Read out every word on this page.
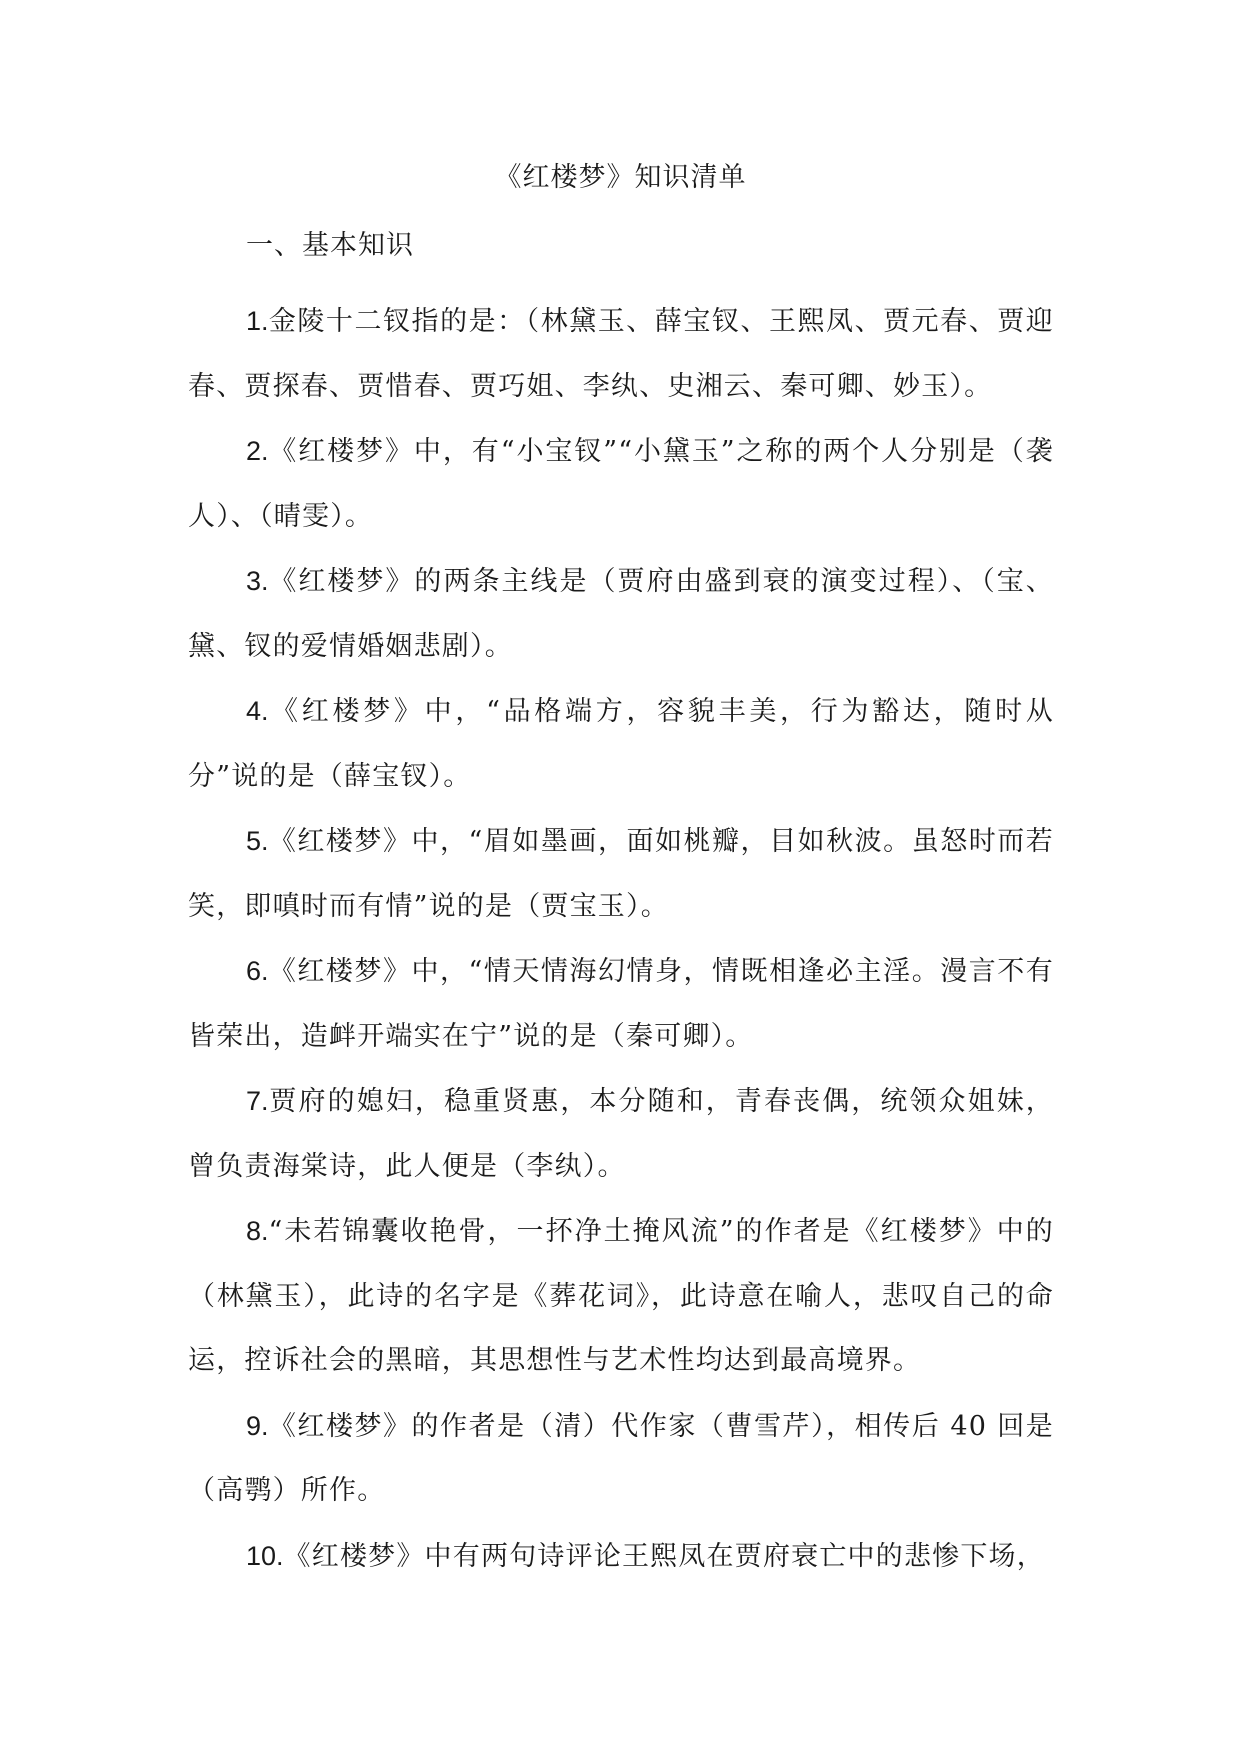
《红楼梦》知识清单
一、基本知识

1.金陵十二钗指的是：（林黛玉、薛宝钗、王熙凤、贾元春、贾迎春、贾探春、贾惜春、贾巧姐、李纨、史湘云、秦可卿、妙玉）。

2.《红楼梦》中，有“小宝钗”“小黛玉”之称的两个人分别是（袭人）、（晴雯）。

3.《红楼梦》的两条主线是（贾府由盛到衰的演变过程）、（宝、黛、钗的爱情婚姻悲剧）。

4.《红楼梦》中，“品格端方，容貌丰美，行为豁达，随时从分”说的是（薛宝钗）。

5.《红楼梦》中，“眉如墨画，面如桃瓣，目如秋波。虽怒时而若笑，即嗔时而有情”说的是（贾宝玉）。

6.《红楼梦》中，“情天情海幻情身，情既相逢必主淫。漫言不有皆荣出，造衅开端实在宁”说的是（秦可卿）。

7.贾府的媳妇，稳重贤惠，本分随和，青春丧偶，统领众姐妹，曾负责海棠诗，此人便是（李纨）。

8.“未若锦囊收艳骨，一抔净土掩风流”的作者是《红楼梦》中的（林黛玉），此诗的名字是《葬花词》，此诗意在喻人，悲叹自己的命运，控诉社会的黑暗，其思想性与艺术性均达到最高境界。

9.《红楼梦》的作者是（清）代作家（曹雪芹），相传后 40 回是（高鹗）所作。

10.《红楼梦》中有两句诗评论王熙凤在贾府衰亡中的悲惨下场，
